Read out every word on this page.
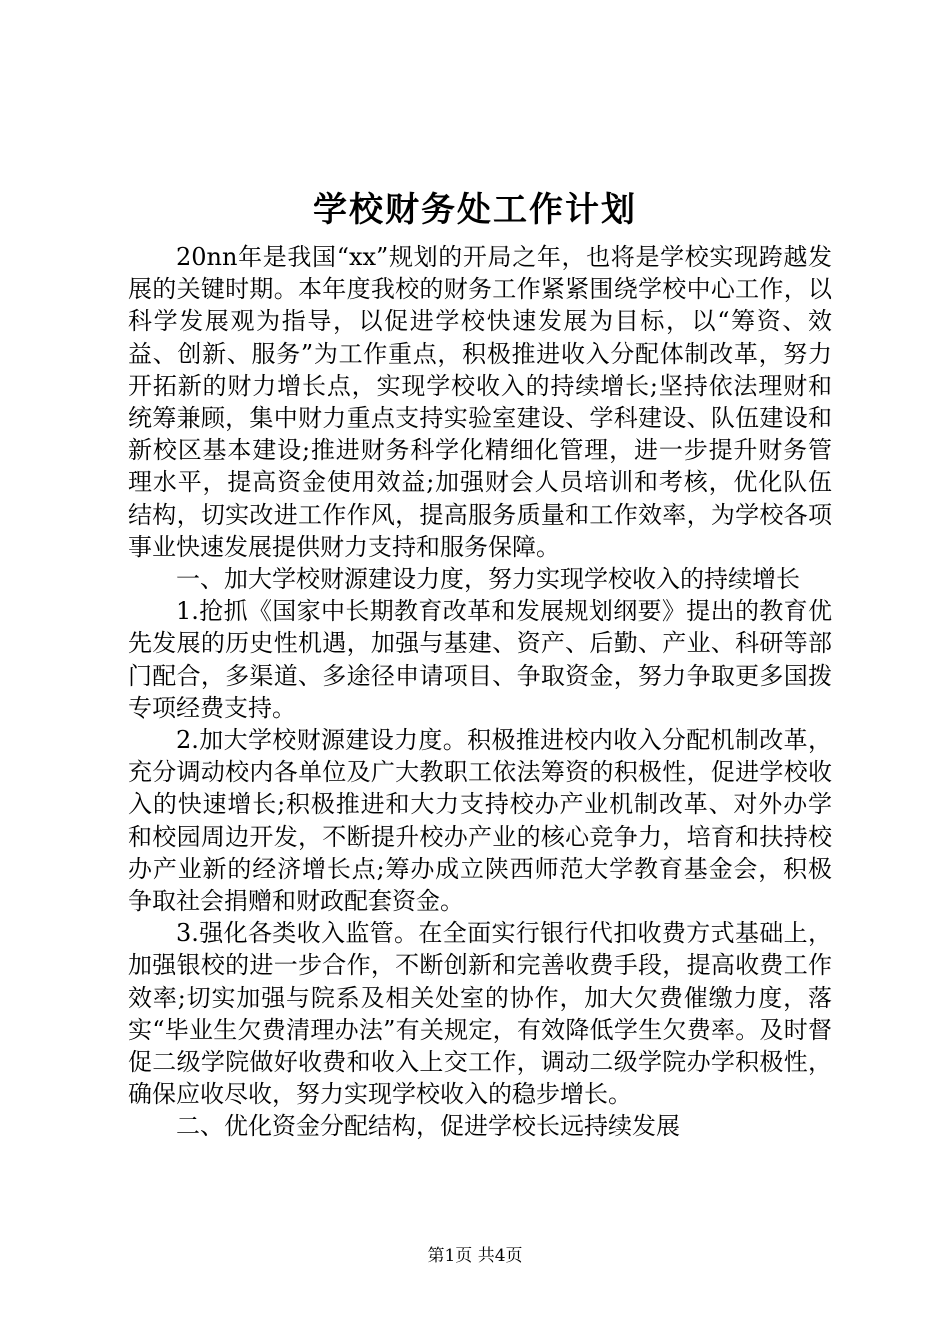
学校财务处工作计划

20nn年是我国“xx”规划的开局之年，也将是学校实现跨越发展的关键时期。本年度我校的财务工作紧紧围绕学校中心工作，以科学发展观为指导，以促进学校快速发展为目标，以“筹资、效益、创新、服务”为工作重点，积极推进收入分配体制改革，努力开拓新的财力增长点，实现学校收入的持续增长;坚持依法理财和统筹兼顾，集中财力重点支持实验室建设、学科建设、队伍建设和新校区基本建设;推进财务科学化精细化管理，进一步提升财务管理水平，提高资金使用效益;加强财会人员培训和考核，优化队伍结构，切实改进工作作风，提高服务质量和工作效率，为学校各项事业快速发展提供财力支持和服务保障。

一、加大学校财源建设力度，努力实现学校收入的持续增长

1.抢抓《国家中长期教育改革和发展规划纲要》提出的教育优先发展的历史性机遇，加强与基建、资产、后勤、产业、科研等部门配合，多渠道、多途径申请项目、争取资金，努力争取更多国拨专项经费支持。

2.加大学校财源建设力度。积极推进校内收入分配机制改革，充分调动校内各单位及广大教职工依法筹资的积极性，促进学校收入的快速增长;积极推进和大力支持校办产业机制改革、对外办学和校园周边开发，不断提升校办产业的核心竞争力，培育和扶持校办产业新的经济增长点;筹办成立陕西师范大学教育基金会，积极争取社会捐赠和财政配套资金。

3.强化各类收入监管。在全面实行银行代扣收费方式基础上，加强银校的进一步合作，不断创新和完善收费手段，提高收费工作效率;切实加强与院系及相关处室的协作，加大欠费催缴力度，落实“毕业生欠费清理办法”有关规定，有效降低学生欠费率。及时督促二级学院做好收费和收入上交工作，调动二级学院办学积极性，确保应收尽收，努力实现学校收入的稳步增长。

二、优化资金分配结构，促进学校长远持续发展

第1页 共4页
